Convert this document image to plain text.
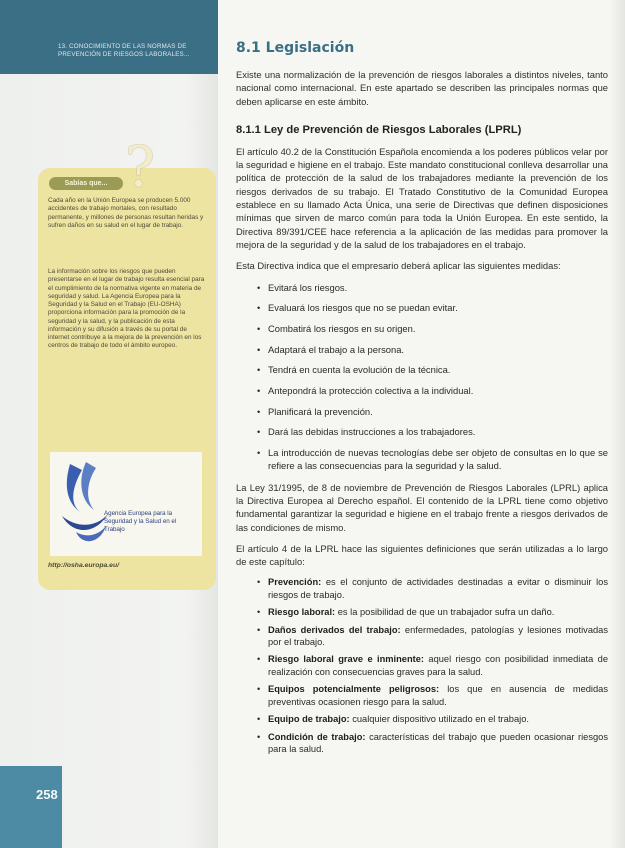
13. CONOCIMIENTO DE LAS NORMAS DE PREVENCIÓN DE RIESGOS LABORALES...
?
Sabías que...
Cada año en la Unión Europea se producen 5.000 accidentes de trabajo mortales, con resultado permanente, y millones de personas resultan heridas y sufren daños en su salud en el lugar de trabajo.
La información sobre los riesgos que pueden presentarse en el lugar de trabajo resulta esencial para el cumplimiento de la normativa vigente en materia de seguridad y salud. La Agencia Europea para la Seguridad y la Salud en el Trabajo (EU-OSHA) proporciona información para la promoción de la seguridad y la salud, y la publicación de esta información y su difusión a través de su portal de internet contribuye a la mejora de la prevención en los centros de trabajo de todo el ámbito europeo.
Agencia Europea para la Seguridad y la Salud en el Trabajo
http://osha.europa.eu/
258
8.1 Legislación

Existe una normalización de la prevención de riesgos laborales a distintos niveles, tanto nacional como internacional. En este apartado se describen las principales normas que deben aplicarse en este ámbito.

8.1.1 Ley de Prevención de Riesgos Laborales (LPRL)

El artículo 40.2 de la Constitución Española encomienda a los poderes públicos velar por la seguridad e higiene en el trabajo. Este mandato constitucional conlleva desarrollar una política de protección de la salud de los trabajadores mediante la prevención de los riesgos derivados de su trabajo. El Tratado Constitutivo de la Comunidad Europea establece en su llamado Acta Única, una serie de Directivas que definen disposiciones mínimas que sirven de marco común para toda la Unión Europea. En este sentido, la Directiva 89/391/CEE hace referencia a la aplicación de las medidas para promover la mejora de la seguridad y de la salud de los trabajadores en el trabajo.

Esta Directiva indica que el empresario deberá aplicar las siguientes medidas:

• Evitará los riesgos.
• Evaluará los riesgos que no se puedan evitar.
• Combatirá los riesgos en su origen.
• Adaptará el trabajo a la persona.
• Tendrá en cuenta la evolución de la técnica.
• Antepondrá la protección colectiva a la individual.
• Planificará la prevención.
• Dará las debidas instrucciones a los trabajadores.
• La introducción de nuevas tecnologías debe ser objeto de consultas en lo que se refiere a las consecuencias para la seguridad y la salud.

La Ley 31/1995, de 8 de noviembre de Prevención de Riesgos Laborales (LPRL) aplica la Directiva Europea al Derecho español. El contenido de la LPRL tiene como objetivo fundamental garantizar la seguridad e higiene en el trabajo frente a riesgos derivados de las condiciones de mismo.

El artículo 4 de la LPRL hace las siguientes definiciones que serán utilizadas a lo largo de este capítulo:

• Prevención: es el conjunto de actividades destinadas a evitar o disminuir los riesgos de trabajo.
• Riesgo laboral: es la posibilidad de que un trabajador sufra un daño.
• Daños derivados del trabajo: enfermedades, patologías y lesiones motivadas por el trabajo.
• Riesgo laboral grave e inminente: aquel riesgo con posibilidad inmediata de realización con consecuencias graves para la salud.
• Equipos potencialmente peligrosos: los que en ausencia de medidas preventivas ocasionen riesgo para la salud.
• Equipo de trabajo: cualquier dispositivo utilizado en el trabajo.
• Condición de trabajo: características del trabajo que pueden ocasionar riesgos para la salud.
